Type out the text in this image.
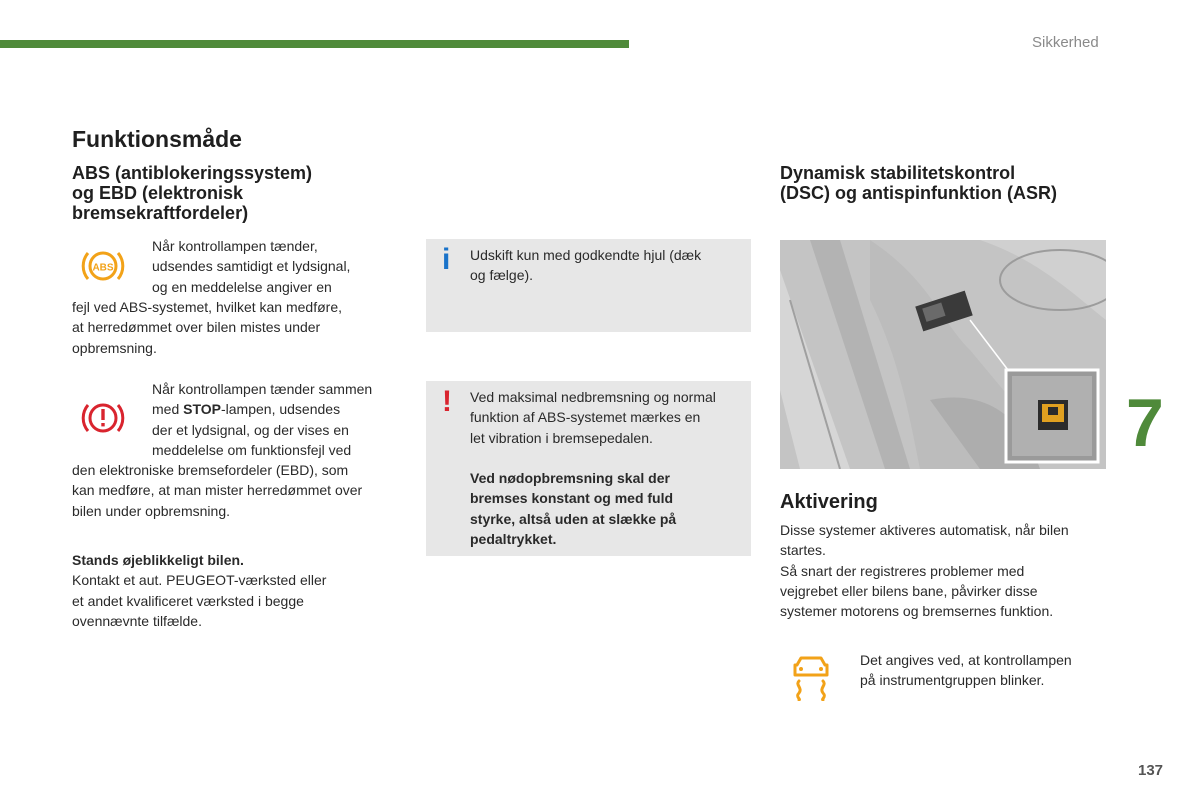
Sikkerhed
Funktionsmåde
ABS (antiblokeringssystem)
og EBD (elektronisk
bremsekraftfordeler)
ABS
Når kontrollampen tænder,
udsendes samtidigt et lydsignal,
og en meddelelse angiver en
fejl ved ABS-systemet, hvilket kan medføre,
at herredømmet over bilen mistes under
opbremsning.
Når kontrollampen tænder sammen
med STOP-lampen, udsendes
der et lydsignal, og der vises en
meddelelse om funktionsfejl ved
den elektroniske bremsefordeler (EBD), som
kan medføre, at man mister herredømmet over
bilen under opbremsning.
Stands øjeblikkeligt bilen.
Kontakt et aut. PEUGEOT-værksted eller
et andet kvalificeret værksted i begge
ovennævnte tilfælde.
i Udskift kun med godkendte hjul (dæk
og fælge).
! Ved maksimal nedbremsning og normal
funktion af ABS-systemet mærkes en
let vibration i bremsepedalen.
Ved nødopbremsning skal der
bremses konstant og med fuld
styrke, altså uden at slække på
pedaltrykket.
Dynamisk stabilitetskontrol
(DSC) og antispinfunktion (ASR)
7
Aktivering
Disse systemer aktiveres automatisk, når bilen
startes.
Så snart der registreres problemer med
vejgrebet eller bilens bane, påvirker disse
systemer motorens og bremsernes funktion.
Det angives ved, at kontrollampen
på instrumentgruppen blinker.
137
